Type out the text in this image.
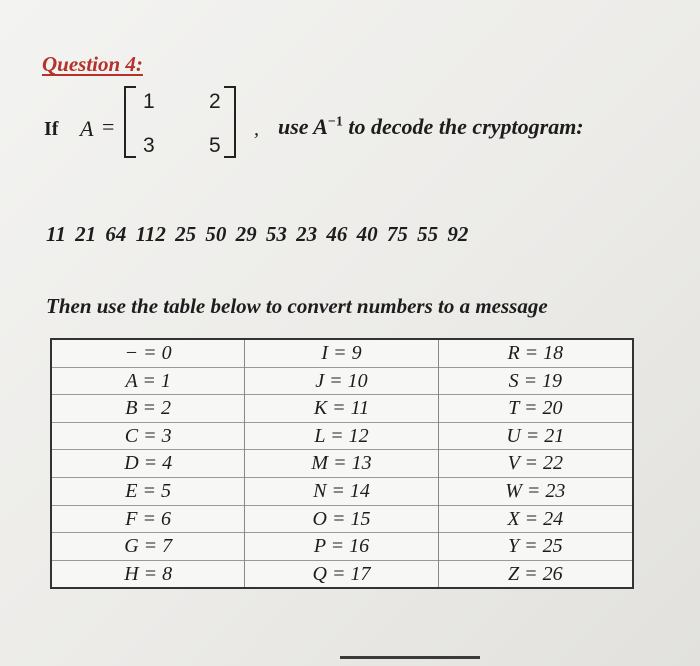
Question 4:
If A =
1	2
3	5
, use $A^{-1}$ to decode the cryptogram:
11 21 64 112 25 50 29 53 23 46 40 75 55 92
Then use the table below to convert numbers to a message
− = 0
A = 1
B = 2
C = 3
D = 4
E = 5
F = 6
G = 7
H = 8
I = 9
J = 10
K = 11
L = 12
M = 13
N = 14
O = 15
P = 16
Q = 17
R = 18
S = 19
T = 20
U = 21
V = 22
W = 23
X = 24
Y = 25
Z = 26
